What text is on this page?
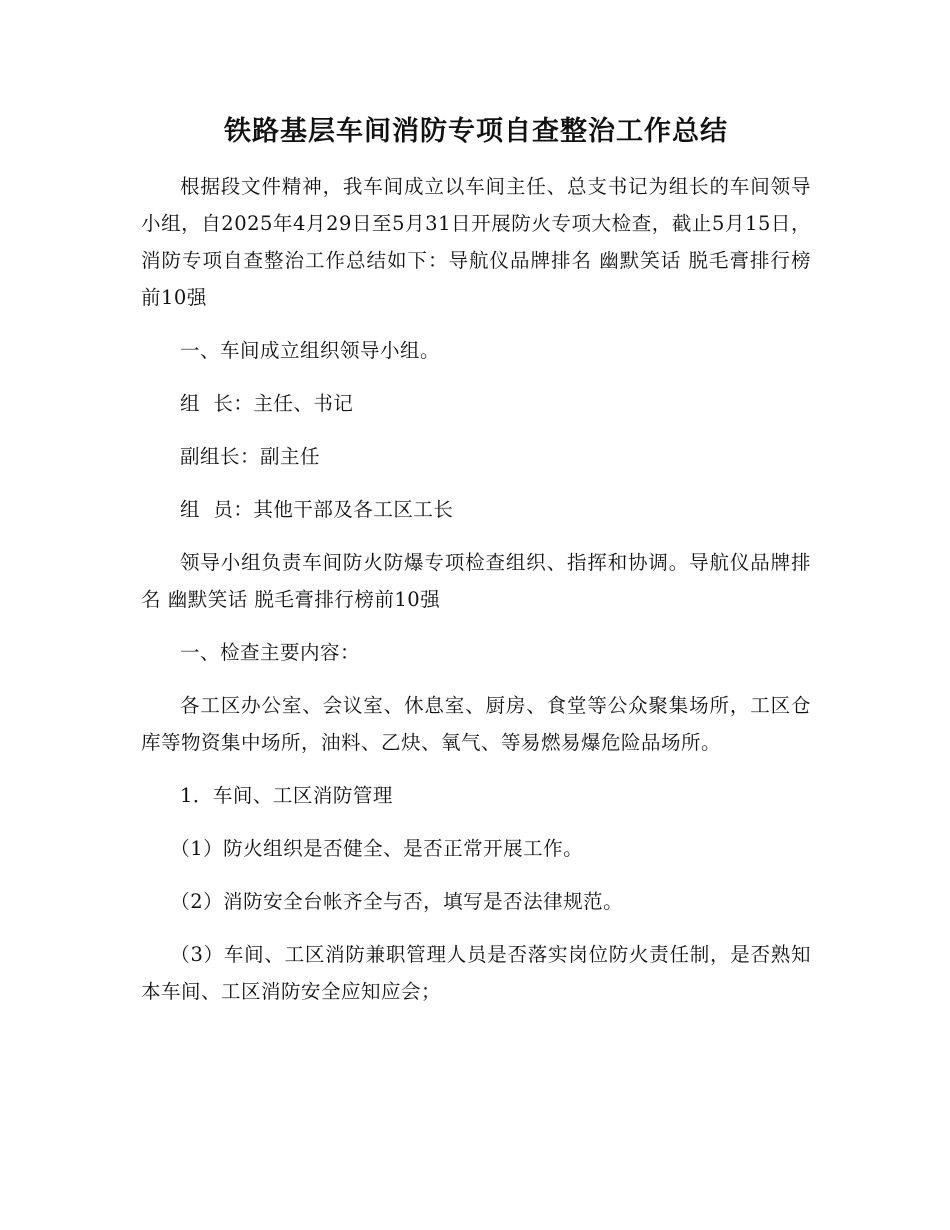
铁路基层车间消防专项自查整治工作总结

根据段文件精神，我车间成立以车间主任、总支书记为组长的车间领导小组，自2025年4月29日至5月31日开展防火专项大检查，截止5月15日，消防专项自查整治工作总结如下：导航仪品牌排名 幽默笑话 脱毛膏排行榜前10强

一、车间成立组织领导小组。

组  长：主任、书记

副组长：副主任

组  员：其他干部及各工区工长

领导小组负责车间防火防爆专项检查组织、指挥和协调。导航仪品牌排名 幽默笑话 脱毛膏排行榜前10强

一、检查主要内容：

各工区办公室、会议室、休息室、厨房、食堂等公众聚集场所，工区仓库等物资集中场所，油料、乙炔、氧气、等易燃易爆危险品场所。

1．车间、工区消防管理

（1）防火组织是否健全、是否正常开展工作。

（2）消防安全台帐齐全与否，填写是否法律规范。

（3）车间、工区消防兼职管理人员是否落实岗位防火责任制，是否熟知本车间、工区消防安全应知应会；
